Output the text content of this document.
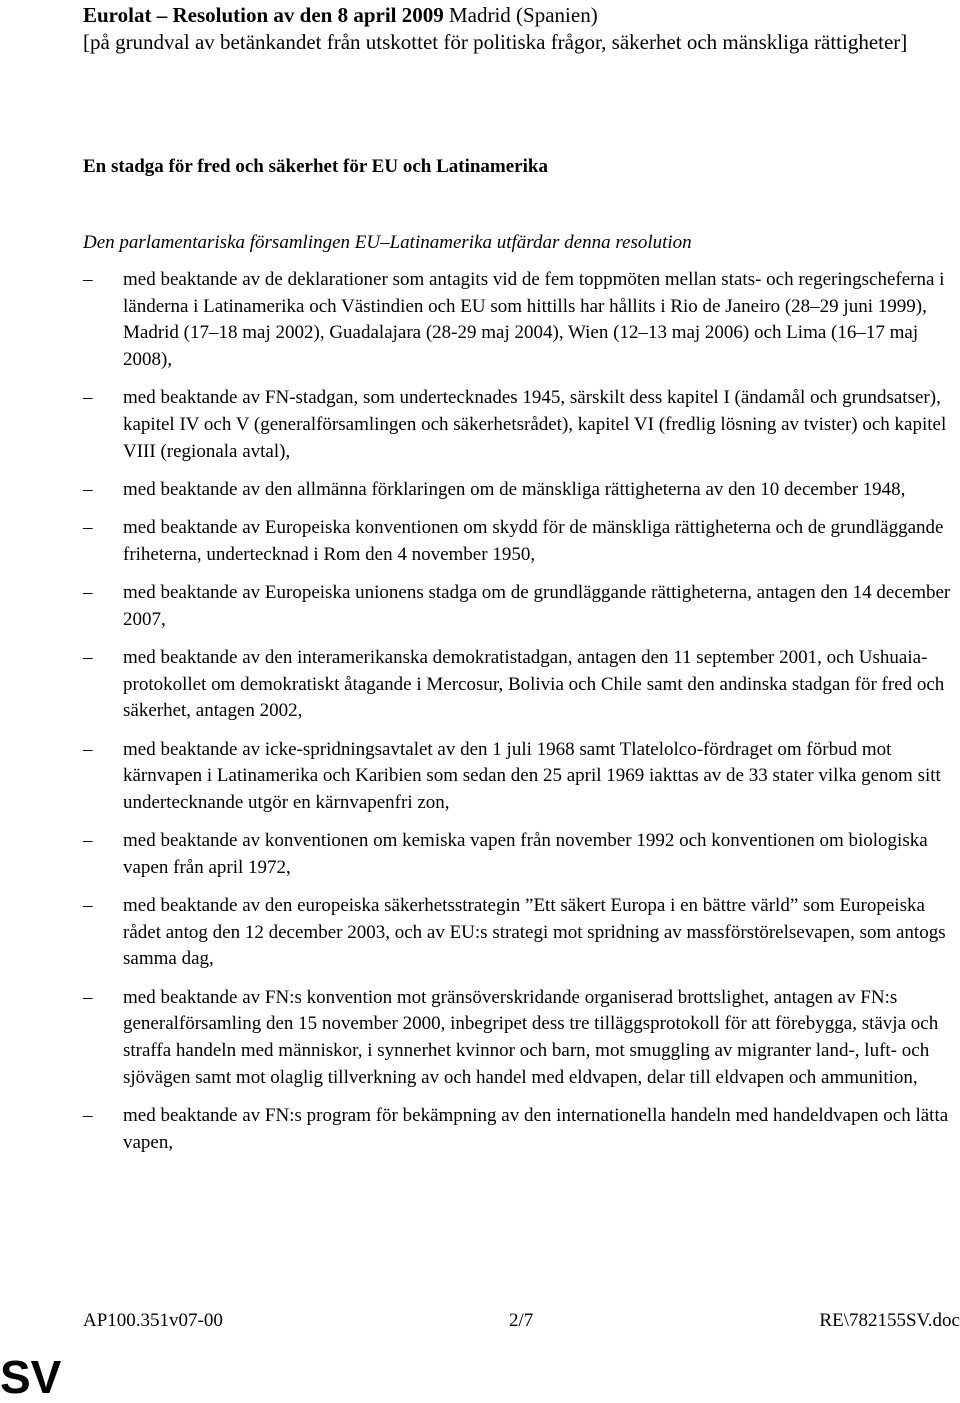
Eurolat – Resolution av den 8 april 2009 Madrid (Spanien)
[på grundval av betänkandet från utskottet för politiska frågor, säkerhet och mänskliga rättigheter]
En stadga för fred och säkerhet för EU och Latinamerika
Den parlamentariska församlingen EU–Latinamerika utfärdar denna resolution
–	med beaktande av de deklarationer som antagits vid de fem toppmöten mellan stats- och regeringscheferna i länderna i Latinamerika och Västindien och EU som hittills har hållits i Rio de Janeiro (28–29 juni 1999), Madrid (17–18 maj 2002), Guadalajara (28-29 maj 2004), Wien (12–13 maj 2006) och Lima (16–17 maj 2008),
–	med beaktande av FN-stadgan, som undertecknades 1945, särskilt dess kapitel I (ändamål och grundsatser), kapitel IV och V (generalförsamlingen och säkerhetsrådet), kapitel VI (fredlig lösning av tvister) och kapitel VIII (regionala avtal),
–	med beaktande av den allmänna förklaringen om de mänskliga rättigheterna av den 10 december 1948,
–	med beaktande av Europeiska konventionen om skydd för de mänskliga rättigheterna och de grundläggande friheterna, undertecknad i Rom den 4 november 1950,
–	med beaktande av Europeiska unionens stadga om de grundläggande rättigheterna, antagen den 14 december 2007,
–	med beaktande av den interamerikanska demokratistadgan, antagen den 11 september 2001, och Ushuaia-protokollet om demokratiskt åtagande i Mercosur, Bolivia och Chile samt den andinska stadgan för fred och säkerhet, antagen 2002,
–	med beaktande av icke-spridningsavtalet av den 1 juli 1968 samt Tlatelolco-fördraget om förbud mot kärnvapen i Latinamerika och Karibien som sedan den 25 april 1969 iakttas av de 33 stater vilka genom sitt undertecknande utgör en kärnvapenfri zon,
–	med beaktande av konventionen om kemiska vapen från november 1992 och konventionen om biologiska vapen från april 1972,
–	med beaktande av den europeiska säkerhetsstrategin ”Ett säkert Europa i en bättre värld” som Europeiska rådet antog den 12 december 2003, och av EU:s strategi mot spridning av massförstörelsevapen, som antogs samma dag,
–	med beaktande av FN:s konvention mot gränsöverskridande organiserad brottslighet, antagen av FN:s generalförsamling den 15 november 2000, inbegripet dess tre tilläggsprotokoll för att förebygga, stävja och straffa handeln med människor, i synnerhet kvinnor och barn, mot smuggling av migranter land-, luft- och sjövägen samt mot olaglig tillverkning av och handel med eldvapen, delar till eldvapen och ammunition,
–	med beaktande av FN:s program för bekämpning av den internationella handeln med handeldvapen och lätta vapen,
AP100.351v07-00	2/7	RE\782155SV.doc
SV
